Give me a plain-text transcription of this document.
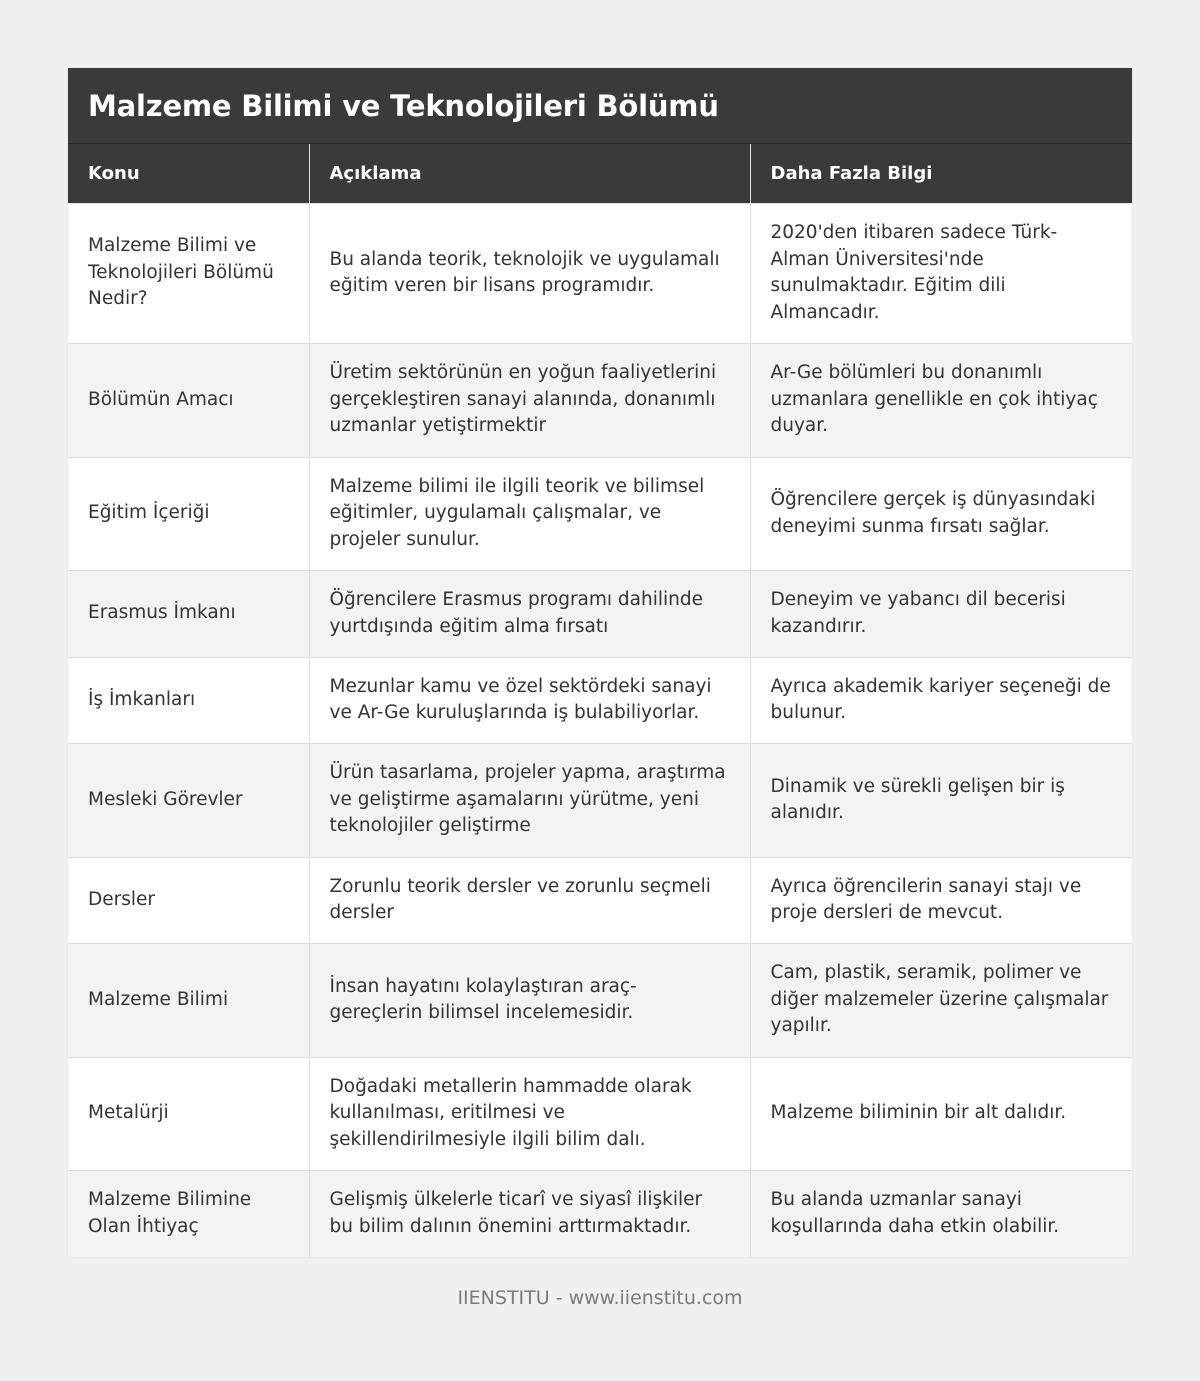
Malzeme Bilimi ve Teknolojileri Bölümü
Konu	Açıklama	Daha Fazla Bilgi
Malzeme Bilimi ve Teknolojileri Bölümü Nedir?	Bu alanda teorik, teknolojik ve uygulamalı eğitim veren bir lisans programıdır.	2020'den itibaren sadece Türk-Alman Üniversitesi'nde sunulmaktadır. Eğitim dili Almancadır.
Bölümün Amacı	Üretim sektörünün en yoğun faaliyetlerini gerçekleştiren sanayi alanında, donanımlı uzmanlar yetiştirmektir	Ar-Ge bölümleri bu donanımlı uzmanlara genellikle en çok ihtiyaç duyar.
Eğitim İçeriği	Malzeme bilimi ile ilgili teorik ve bilimsel eğitimler, uygulamalı çalışmalar, ve projeler sunulur.	Öğrencilere gerçek iş dünyasındaki deneyimi sunma fırsatı sağlar.
Erasmus İmkanı	Öğrencilere Erasmus programı dahilinde yurtdışında eğitim alma fırsatı	Deneyim ve yabancı dil becerisi kazandırır.
İş İmkanları	Mezunlar kamu ve özel sektördeki sanayi ve Ar-Ge kuruluşlarında iş bulabiliyorlar.	Ayrıca akademik kariyer seçeneği de bulunur.
Mesleki Görevler	Ürün tasarlama, projeler yapma, araştırma ve geliştirme aşamalarını yürütme, yeni teknolojiler geliştirme	Dinamik ve sürekli gelişen bir iş alanıdır.
Dersler	Zorunlu teorik dersler ve zorunlu seçmeli dersler	Ayrıca öğrencilerin sanayi stajı ve proje dersleri de mevcut.
Malzeme Bilimi	İnsan hayatını kolaylaştıran araç-gereçlerin bilimsel incelemesidir.	Cam, plastik, seramik, polimer ve diğer malzemeler üzerine çalışmalar yapılır.
Metalürji	Doğadaki metallerin hammadde olarak kullanılması, eritilmesi ve şekillendirilmesiyle ilgili bilim dalı.	Malzeme biliminin bir alt dalıdır.
Malzeme Bilimine Olan İhtiyaç	Gelişmiş ülkelerle ticarî ve siyasî ilişkiler bu bilim dalının önemini arttırmaktadır.	Bu alanda uzmanlar sanayi koşullarında daha etkin olabilir.
IIENSTITU - www.iienstitu.com
